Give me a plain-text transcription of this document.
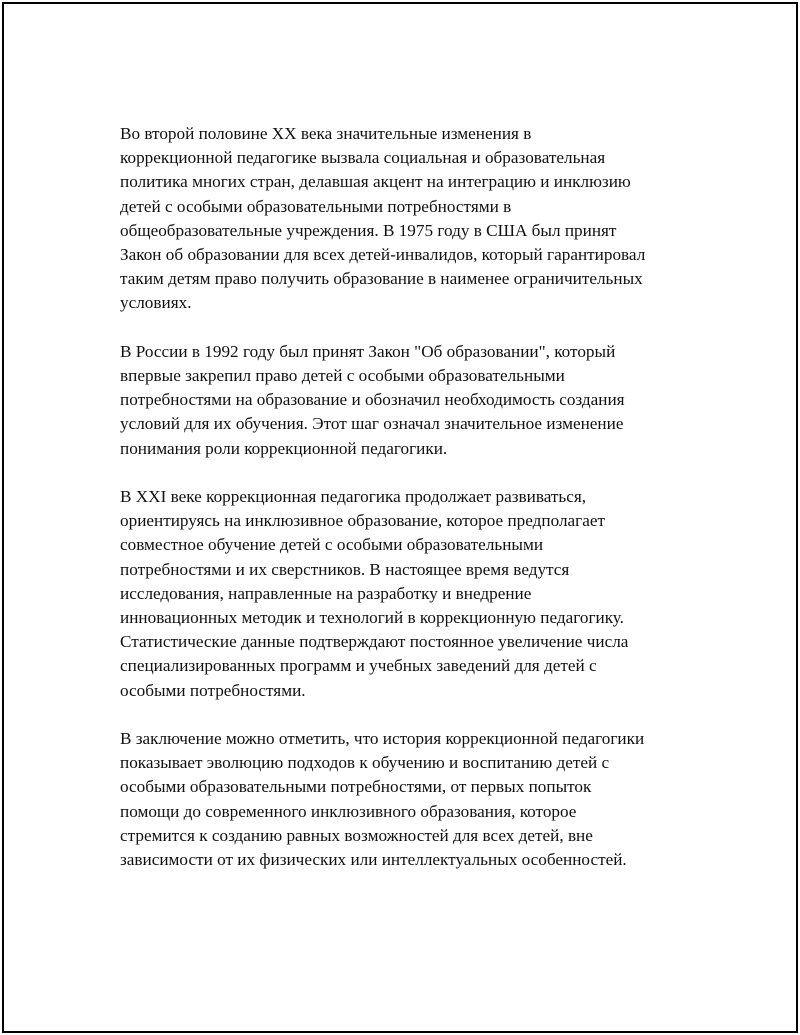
Во второй половине XX века значительные изменения в
коррекционной педагогике вызвала социальная и образовательная
политика многих стран, делавшая акцент на интеграцию и инклюзию
детей с особыми образовательными потребностями в
общеобразовательные учреждения. В 1975 году в США был принят
Закон об образовании для всех детей-инвалидов, который гарантировал
таким детям право получить образование в наименее ограничительных
условиях.

В России в 1992 году был принят Закон "Об образовании", который
впервые закрепил право детей с особыми образовательными
потребностями на образование и обозначил необходимость создания
условий для их обучения. Этот шаг означал значительное изменение
понимания роли коррекционной педагогики.

В XXI веке коррекционная педагогика продолжает развиваться,
ориентируясь на инклюзивное образование, которое предполагает
совместное обучение детей с особыми образовательными
потребностями и их сверстников. В настоящее время ведутся
исследования, направленные на разработку и внедрение
инновационных методик и технологий в коррекционную педагогику.
Статистические данные подтверждают постоянное увеличение числа
специализированных программ и учебных заведений для детей с
особыми потребностями.

В заключение можно отметить, что история коррекционной педагогики
показывает эволюцию подходов к обучению и воспитанию детей с
особыми образовательными потребностями, от первых попыток
помощи до современного инклюзивного образования, которое
стремится к созданию равных возможностей для всех детей, вне
зависимости от их физических или интеллектуальных особенностей.
